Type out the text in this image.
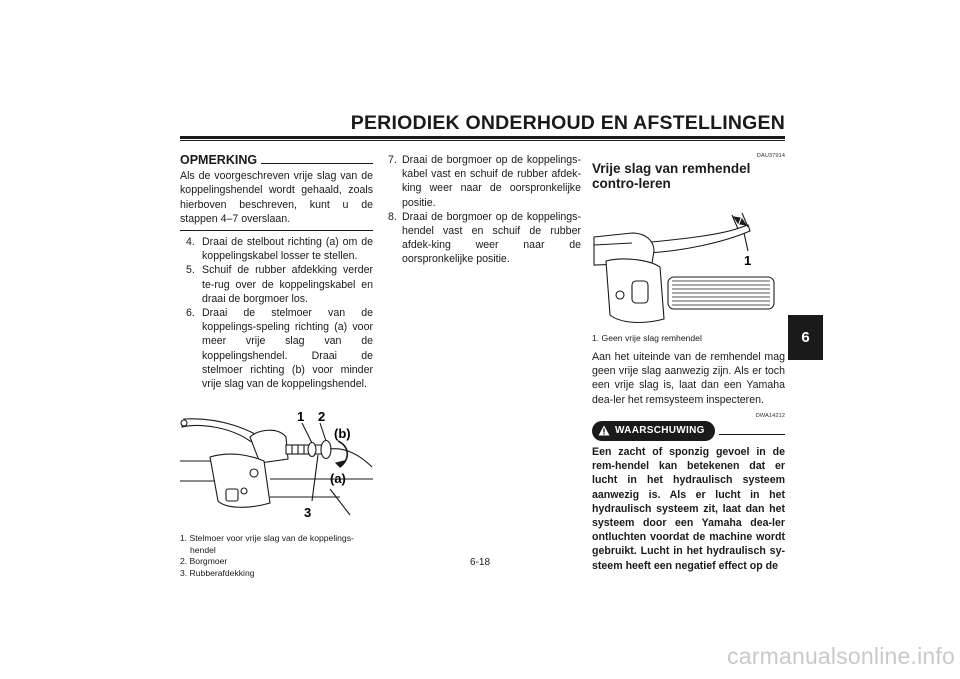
PERIODIEK ONDERHOUD EN AFSTELLINGEN
6
OPMERKING
Als de voorgeschreven vrije slag van de koppelingshendel wordt gehaald, zoals hierboven beschreven, kunt u de stappen 4–7 overslaan.
4. Draai de stelbout richting (a) om de koppelingskabel losser te stellen.
5. Schuif de rubber afdekking verder te-rug over de koppelingskabel en draai de borgmoer los.
6. Draai de stelmoer van de koppelings-speling richting (a) voor meer vrije slag van de koppelingshendel. Draai de stelmoer richting (b) voor minder vrije slag van de koppelingshendel.
1 2
(b)
(a)
3
1. Stelmoer voor vrije slag van de koppelings-hendel
2. Borgmoer
3. Rubberafdekking
7. Draai de borgmoer op de koppelings-kabel vast en schuif de rubber afdek-king weer naar de oorspronkelijke positie.
8. Draai de borgmoer op de koppelings-hendel vast en schuif de rubber afdek-king weer naar de oorspronkelijke positie.
DAU37914
Vrije slag van remhendel contro-leren
1
1. Geen vrije slag remhendel
Aan het uiteinde van de remhendel mag geen vrije slag aanwezig zijn. Als er toch een vrije slag is, laat dan een Yamaha dea-ler het remsysteem inspecteren.
DWA14212
WAARSCHUWING
Een zacht of sponzig gevoel in de rem-hendel kan betekenen dat er lucht in het hydraulisch systeem aanwezig is. Als er lucht in het hydraulisch systeem zit, laat dan het systeem door een Yamaha dea-ler ontluchten voordat de machine wordt gebruikt. Lucht in het hydraulisch sy-steem heeft een negatief effect op de
6-18
carmanualsonline.info
